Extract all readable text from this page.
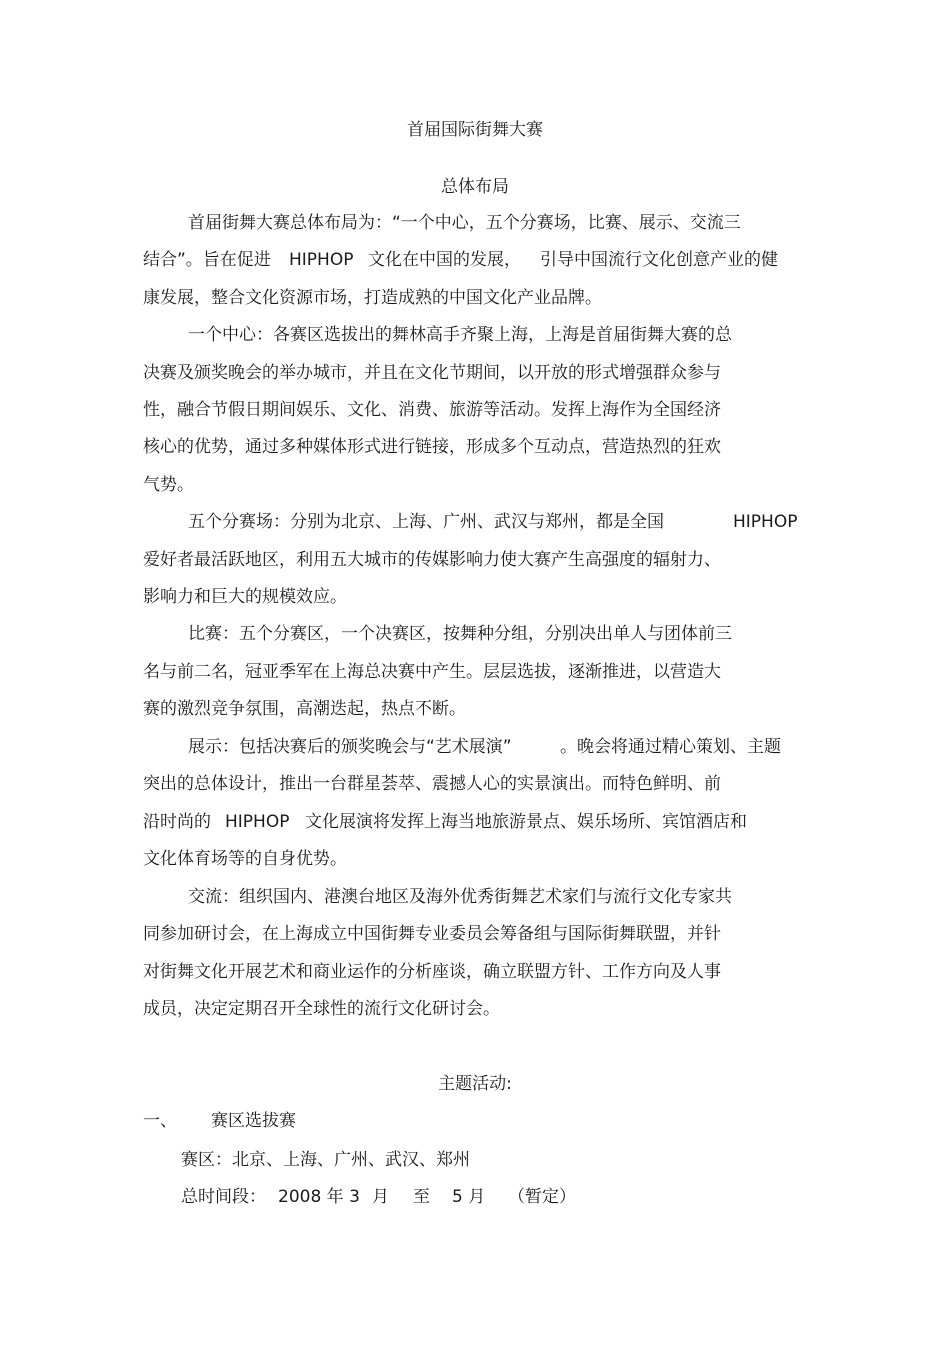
首届国际街舞大赛

总体布局

首届街舞大赛总体布局为：“一个中心，五个分赛场，比赛、展示、交流三

结合”。旨在促进 HIPHOP 文化在中国的发展， 引导中国流行文化创意产业的健

康发展，整合文化资源市场，打造成熟的中国文化产业品牌。

一个中心：各赛区选拔出的舞林高手齐聚上海，上海是首届街舞大赛的总

决赛及颁奖晚会的举办城市，并且在文化节期间，以开放的形式增强群众参与

性，融合节假日期间娱乐、文化、消费、旅游等活动。发挥上海作为全国经济

核心的优势，通过多种媒体形式进行链接，形成多个互动点，营造热烈的狂欢

气势。

五个分赛场：分别为北京、上海、广州、武汉与郑州，都是全国	HIPHOP

爱好者最活跃地区，利用五大城市的传媒影响力使大赛产生高强度的辐射力、

影响力和巨大的规模效应。

比赛：五个分赛区，一个决赛区，按舞种分组，分别决出单人与团体前三

名与前二名，冠亚季军在上海总决赛中产生。层层选拔，逐渐推进，以营造大

赛的激烈竞争氛围，高潮迭起，热点不断。

展示：包括决赛后的颁奖晚会与“艺术展演”	。晚会将通过精心策划、主题

突出的总体设计，推出一台群星荟萃、震撼人心的实景演出。而特色鲜明、前

沿时尚的 HIPHOP 文化展演将发挥上海当地旅游景点、娱乐场所、宾馆酒店和

文化体育场等的自身优势。

交流：组织国内、港澳台地区及海外优秀街舞艺术家们与流行文化专家共

同参加研讨会，在上海成立中国街舞专业委员会筹备组与国际街舞联盟，并针

对街舞文化开展艺术和商业运作的分析座谈，确立联盟方针、工作方向及人事

成员，决定定期召开全球性的流行文化研讨会。

主题活动:

一、 赛区选拔赛

赛区：北京、上海、广州、武汉、郑州

总时间段： 2008 年 3 月 至 5 月 （暂定）
